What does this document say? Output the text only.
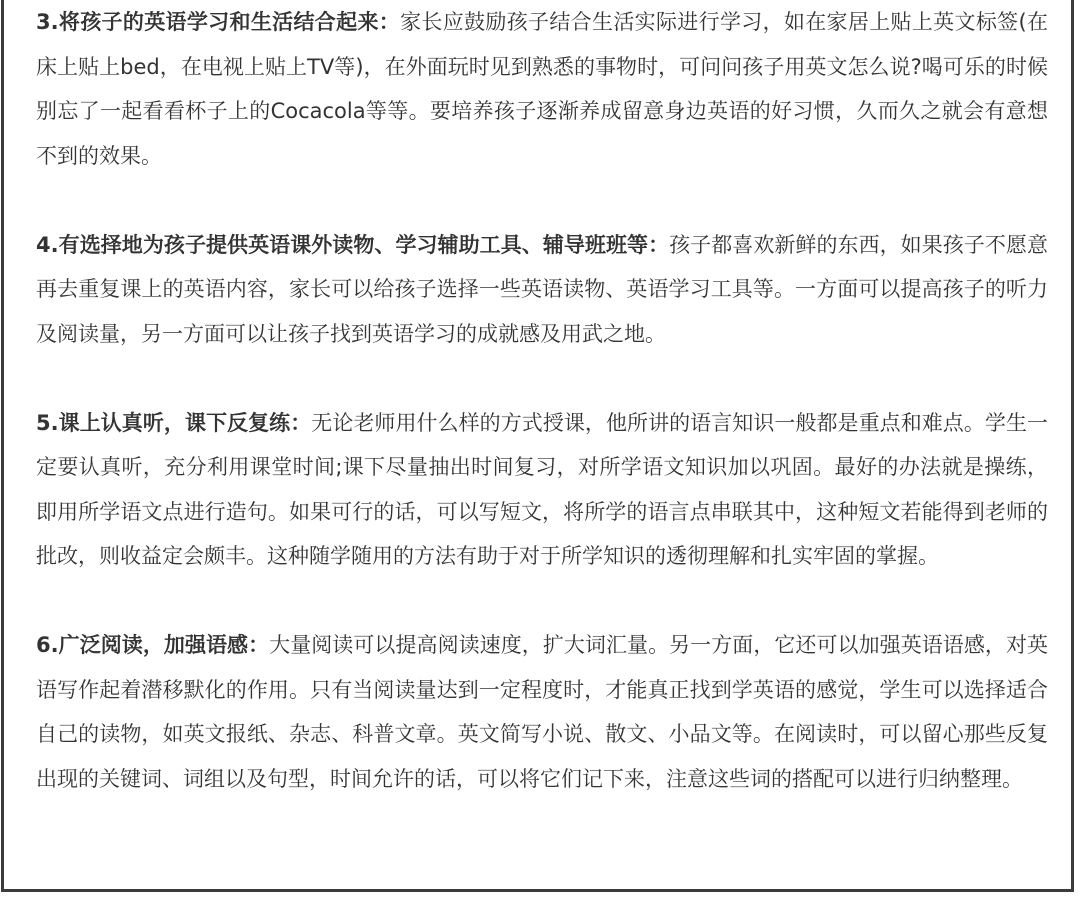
3.将孩子的英语学习和生活结合起来：家长应鼓励孩子结合生活实际进行学习，如在家居上贴上英文标签(在床上贴上bed，在电视上贴上TV等)，在外面玩时见到熟悉的事物时，可问问孩子用英文怎么说?喝可乐的时候别忘了一起看看杯子上的Cocacola等等。要培养孩子逐渐养成留意身边英语的好习惯，久而久之就会有意想不到的效果。

4.有选择地为孩子提供英语课外读物、学习辅助工具、辅导班班等：孩子都喜欢新鲜的东西，如果孩子不愿意再去重复课上的英语内容，家长可以给孩子选择一些英语读物、英语学习工具等。一方面可以提高孩子的听力及阅读量，另一方面可以让孩子找到英语学习的成就感及用武之地。

5.课上认真听，课下反复练：无论老师用什么样的方式授课，他所讲的语言知识一般都是重点和难点。学生一定要认真听，充分利用课堂时间;课下尽量抽出时间复习，对所学语文知识加以巩固。最好的办法就是操练，即用所学语文点进行造句。如果可行的话，可以写短文，将所学的语言点串联其中，这种短文若能得到老师的批改，则收益定会颇丰。这种随学随用的方法有助于对于所学知识的透彻理解和扎实牢固的掌握。

6.广泛阅读，加强语感：大量阅读可以提高阅读速度，扩大词汇量。另一方面，它还可以加强英语语感，对英语写作起着潜移默化的作用。只有当阅读量达到一定程度时，才能真正找到学英语的感觉，学生可以选择适合自己的读物，如英文报纸、杂志、科普文章。英文简写小说、散文、小品文等。在阅读时，可以留心那些反复出现的关键词、词组以及句型，时间允许的话，可以将它们记下来，注意这些词的搭配可以进行归纳整理。
